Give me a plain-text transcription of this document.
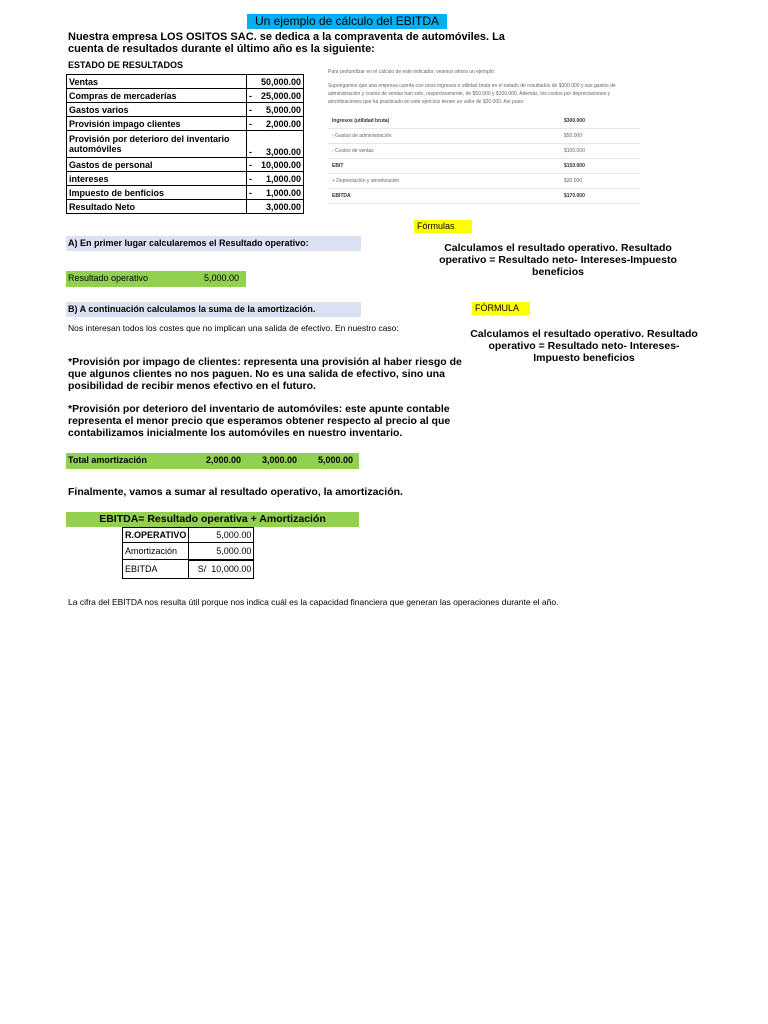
Un ejemplo de cálculo del EBITDA
Nuestra empresa LOS OSITOS SAC. se dedica a la compraventa de automóviles. La cuenta de resultados durante el último año es la siguiente:
ESTADO DE RESULTADOS
Ventas	50,000.00
Compras de mercaderías	- 25,000.00
Gastos varios	- 5,000.00
Provisión impago clientes	- 2,000.00
Provisión por deterioro del inventario automóviles	- 3,000.00
Gastos de personal	- 10,000.00
intereses	- 1,000.00
Impuesto de benficios	- 1,000.00
Resultado Neto	3,000.00
Para profundizar en el cálculo de este indicador, veamos ahora un ejemplo:
Supongamos que una empresa cuenta con unos ingresos o utilidad bruta en el estado de resultados de $300.000 y sus gastos de administración y costos de ventas han sido, respectivamente, de $50.000 y $100.000. Además, los costos por depreciaciones y amortizaciones que ha practicado en este ejercicio tienen un valor de $20.000. Así pues:
Ingresos (utilidad bruta)	$300.000
- Gastos de administración	$50.000
- Costos de ventas	$100.000
EBIT	$150.000
+ Depreciación y amortización	$20.000
EBITDA	$170.000
Fórmulas
Calculamos el resultado operativo. Resultado operativo = Resultado neto- Intereses-Impuesto beneficios
A) En primer lugar calcularemos el Resultado operativo:
Resultado operativo	5,000.00
B) A continuación calculamos la suma de la amortización.	FÓRMULA
Calculamos el resultado operativo. Resultado operativo = Resultado neto- Intereses-Impuesto beneficios
Nos interesan todos los costes que no implican una salida de efectivo. En nuestro caso:
*Provisión por impago de clientes: representa una provisión al haber riesgo de que algunos clientes no nos paguen. No es una salida de efectivo, sino una posibilidad de recibir menos efectivo en el futuro.
*Provisión por deterioro del inventario de automóviles: este apunte contable representa el menor precio que esperamos obtener respecto al precio al que contabilizamos inicialmente los automóviles en nuestro inventario.
Total amortización	2,000.00 3,000.00 5,000.00
Finalmente, vamos a sumar al resultado operativo, la amortización.
EBITDA= Resultado operativa + Amortización
R.OPERATIVO	5,000.00
Amortización	5,000.00
EBITDA	S/  10,000.00
La cifra del EBITDA nos resulta útil porque nos indica cuál es la capacidad financiera que generan las operaciones durante el año.
